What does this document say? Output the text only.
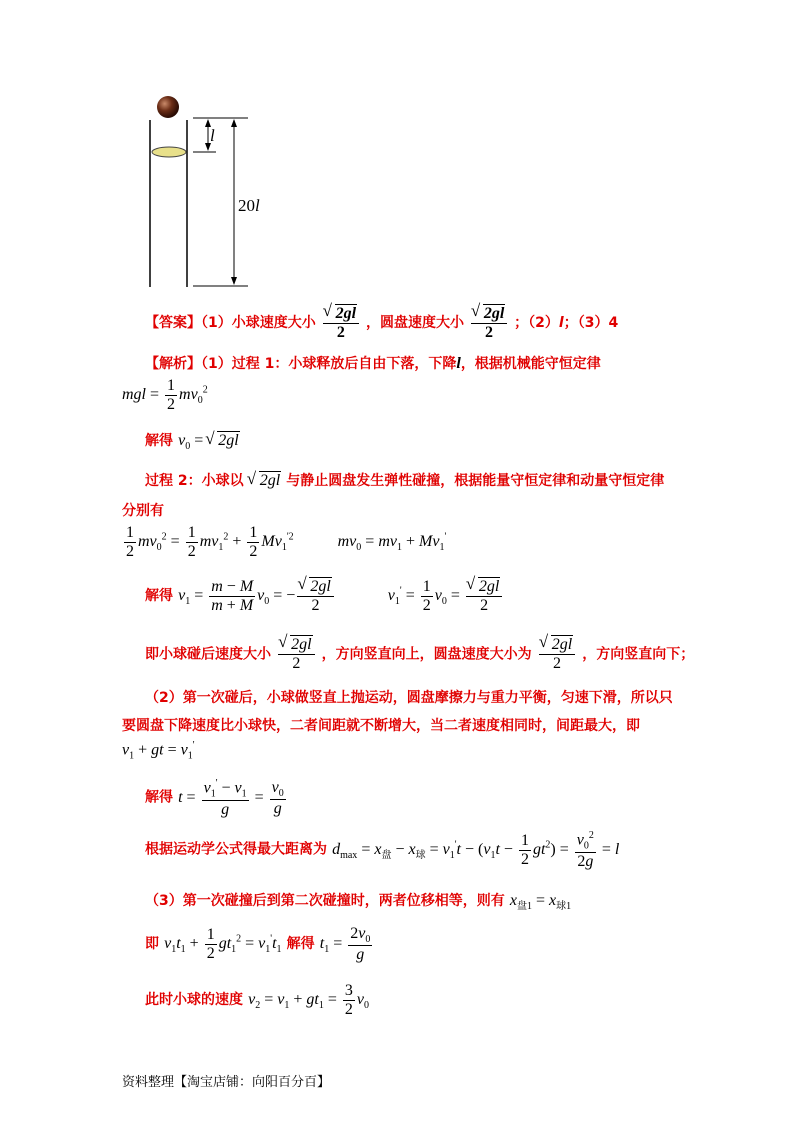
l
20l
【答案】（1）小球速度大小 √ $\frac{2gl}{2}$ ，圆盘速度大小 √ $\frac{2gl}{2}$ ；（2）l；（3）4
【解析】（1）过程 1：小球释放后自由下落，下降l，根据机械能守恒定律
mgl = $\frac{1}{2} mv_0^2$
解得 $v_0$ = √ 2gl
过程 2：小球以 √ 2gl 与静止圆盘发生弹性碰撞，根据能量守恒定律和动量守恒定律
分别有
$\frac{1}{2} mv_0^2 = \frac{1}{2} mv_1^2 + \frac{1}{2} Mv_1^{'2}$	$mv_0 = mv_1 + Mv_1'$
解得 $v_1 = \frac{m - M}{m + M} v_0$ = − √ $\frac{2gl}{2}$	$v_1' = \frac{1}{2} v_0$ = √ $\frac{2gl}{2}$
即小球碰后速度大小 √ $\frac{2gl}{2}$ ，方向竖直向上，圆盘速度大小为 √ $\frac{2gl}{2}$ ，方向竖直向下；
（2）第一次碰后，小球做竖直上抛运动，圆盘摩擦力与重力平衡，匀速下滑，所以只
要圆盘下降速度比小球快，二者间距就不断增大，当二者速度相同时，间距最大，即
$v_1$ + gt = $v_1'$
解得 $t = \frac{v_1' - v_1}{g} = \frac{v_0}{g}$
根据运动学公式得最大距离为 $d_{max} = x_盘 - x_球 = v_1't - (v_1t - \frac{1}{2} gt^2) = \frac{v_0^2}{2g} = l$
（3）第一次碰撞后到第二次碰撞时，两者位移相等，则有 $x_{盘1} = x_{球1}$
即 $v_1t_1 + \frac{1}{2} gt_1^2 = v_1't_1$ 解得 $t_1 = \frac{2v_0}{g}$
此时小球的速度 $v_2 = v_1 + gt_1 = \frac{3}{2} v_0$
资料整理【淘宝店铺：向阳百分百】
